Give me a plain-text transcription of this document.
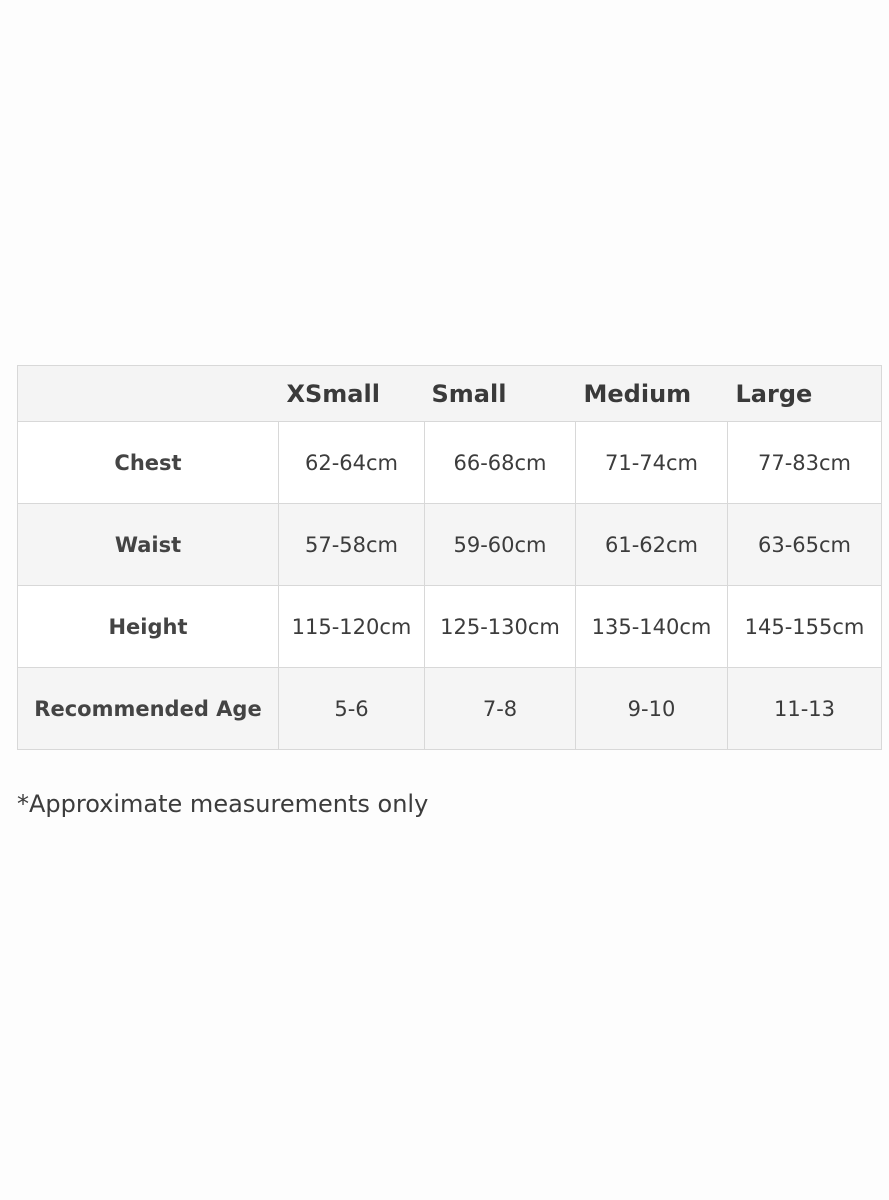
	XSmall	Small	Medium	Large
Chest	62-64cm	66-68cm	71-74cm	77-83cm
Waist	57-58cm	59-60cm	61-62cm	63-65cm
Height	115-120cm	125-130cm	135-140cm	145-155cm
Recommended Age	5-6	7-8	9-10	11-13
*Approximate measurements only
